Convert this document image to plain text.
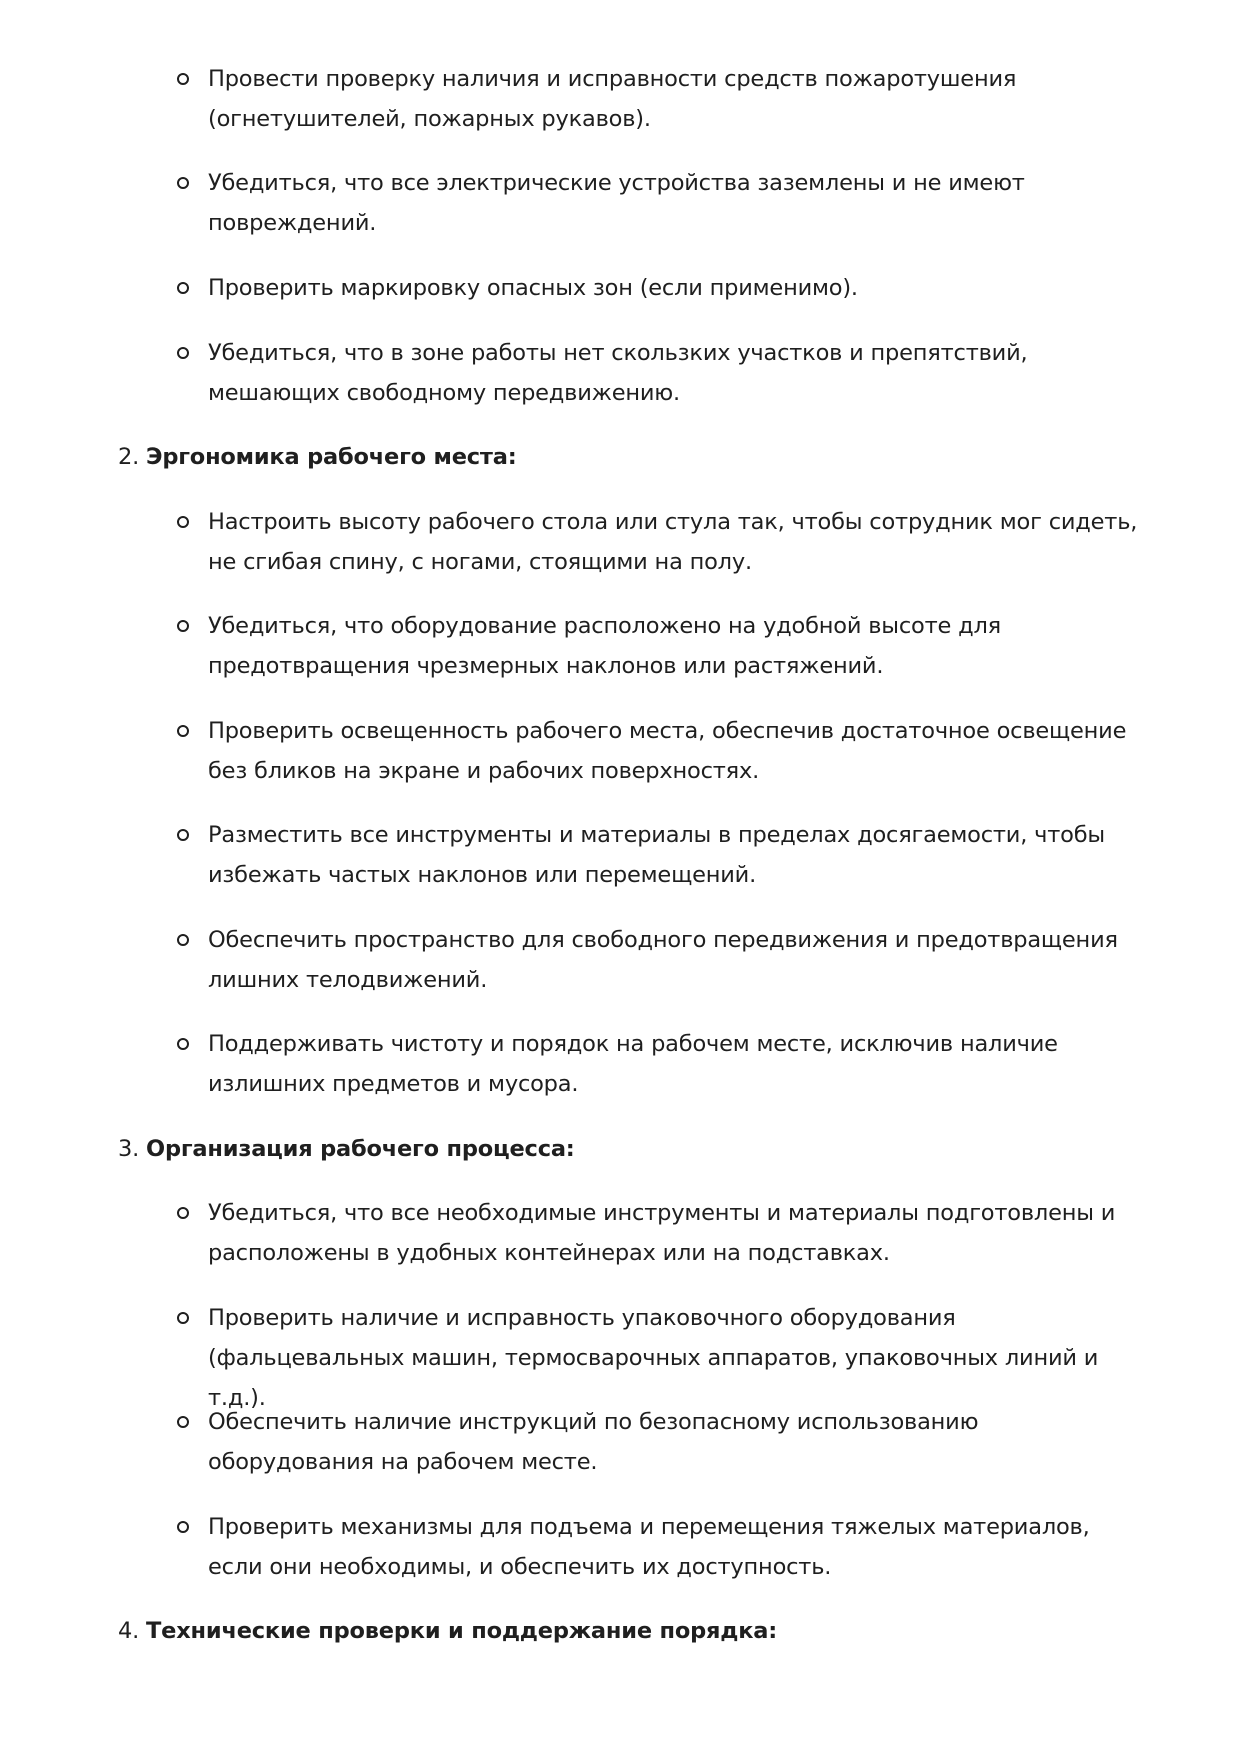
Провести проверку наличия и исправности средств пожаротушения (огнетушителей, пожарных рукавов).
Убедиться, что все электрические устройства заземлены и не имеют повреждений.
Проверить маркировку опасных зон (если применимо).
Убедиться, что в зоне работы нет скользких участков и препятствий, мешающих свободному передвижению.
2. Эргономика рабочего места:
Настроить высоту рабочего стола или стула так, чтобы сотрудник мог сидеть, не сгибая спину, с ногами, стоящими на полу.
Убедиться, что оборудование расположено на удобной высоте для предотвращения чрезмерных наклонов или растяжений.
Проверить освещенность рабочего места, обеспечив достаточное освещение без бликов на экране и рабочих поверхностях.
Разместить все инструменты и материалы в пределах досягаемости, чтобы избежать частых наклонов или перемещений.
Обеспечить пространство для свободного передвижения и предотвращения лишних телодвижений.
Поддерживать чистоту и порядок на рабочем месте, исключив наличие излишних предметов и мусора.
3. Организация рабочего процесса:
Убедиться, что все необходимые инструменты и материалы подготовлены и расположены в удобных контейнерах или на подставках.
Проверить наличие и исправность упаковочного оборудования (фальцевальных машин, термосварочных аппаратов, упаковочных линий и т.д.).
Обеспечить наличие инструкций по безопасному использованию оборудования на рабочем месте.
Проверить механизмы для подъема и перемещения тяжелых материалов, если они необходимы, и обеспечить их доступность.
4. Технические проверки и поддержание порядка:
